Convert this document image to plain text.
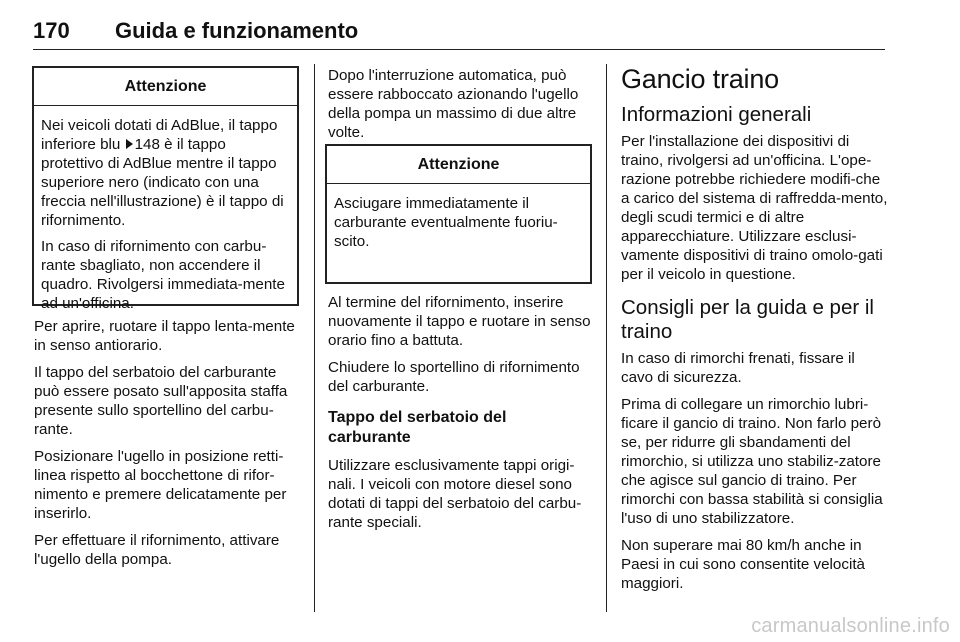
170 Guida e funzionamento
Attenzione

Nei veicoli dotati di AdBlue, il tappo inferiore blu 148 è il tappo protettivo di AdBlue mentre il tappo superiore nero (indicato con una freccia nell'illustrazione) è il tappo di rifornimento.

In caso di rifornimento con carbu-rante sbagliato, non accendere il quadro. Rivolgersi immediata-mente ad un'officina.

Per aprire, ruotare il tappo lenta-mente in senso antiorario.

Il tappo del serbatoio del carburante può essere posato sull'apposita staffa presente sullo sportellino del carbu-rante.

Posizionare l'ugello in posizione retti-linea rispetto al bocchettone di rifor-nimento e premere delicatamente per inserirlo.

Per effettuare il rifornimento, attivare l'ugello della pompa.

Dopo l'interruzione automatica, può essere rabboccato azionando l'ugello della pompa un massimo di due altre volte.

Attenzione

Asciugare immediatamente il carburante eventualmente fuoriu-scito.

Al termine del rifornimento, inserire nuovamente il tappo e ruotare in senso orario fino a battuta.

Chiudere lo sportellino di rifornimento del carburante.

Tappo del serbatoio del carburante

Utilizzare esclusivamente tappi origi-nali. I veicoli con motore diesel sono dotati di tappi del serbatoio del carbu-rante speciali.

Gancio traino

Informazioni generali

Per l'installazione dei dispositivi di traino, rivolgersi ad un'officina. L'ope-razione potrebbe richiedere modifi-che a carico del sistema di raffredda-mento, degli scudi termici e di altre apparecchiature. Utilizzare esclusi-vamente dispositivi di traino omolo-gati per il veicolo in questione.

Consigli per la guida e per il traino

In caso di rimorchi frenati, fissare il cavo di sicurezza.

Prima di collegare un rimorchio lubri-ficare il gancio di traino. Non farlo però se, per ridurre gli sbandamenti del rimorchio, si utilizza uno stabiliz-zatore che agisce sul gancio di traino. Per rimorchi con bassa stabilità si consiglia l'uso di uno stabilizzatore.

Non superare mai 80 km/h anche in Paesi in cui sono consentite velocità maggiori.

carmanualsonline.info
